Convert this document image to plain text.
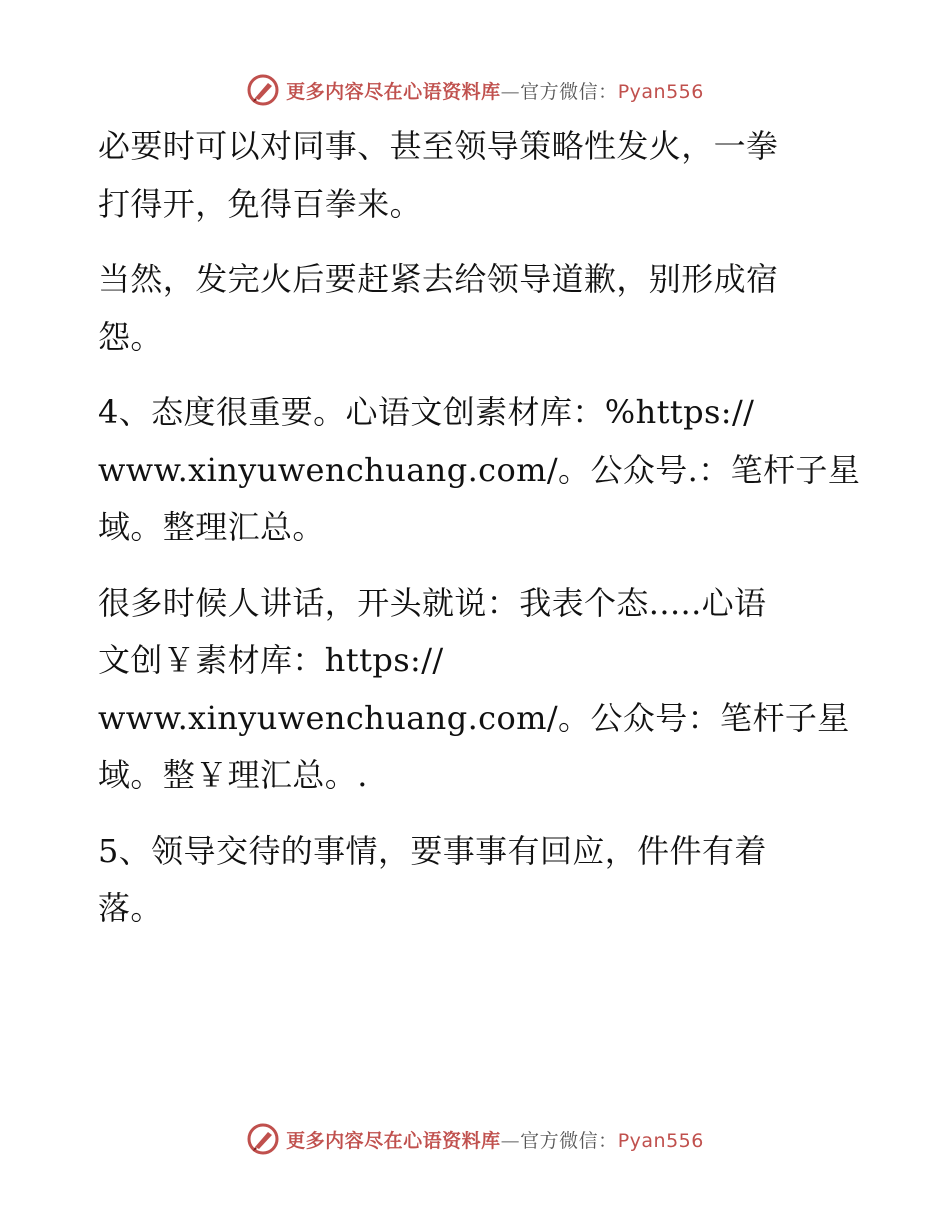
更多内容尽在心语资料库—官方微信：Pyan556

必要时可以对同事、甚至领导策略性发火，一拳
打得开，免得百拳来。

当然，发完火后要赶紧去给领导道歉，别形成宿
怨。

4、态度很重要。心语文创素材库：%https://
www.xinyuwenchuang.com/。公众号.：笔杆子星
域。整理汇总。

很多时候人讲话，开头就说：我表个态.....心语
文创￥素材库：https://
www.xinyuwenchuang.com/。公众号：笔杆子星
域。整￥理汇总。.

5、领导交待的事情，要事事有回应，件件有着
落。

更多内容尽在心语资料库—官方微信：Pyan556
